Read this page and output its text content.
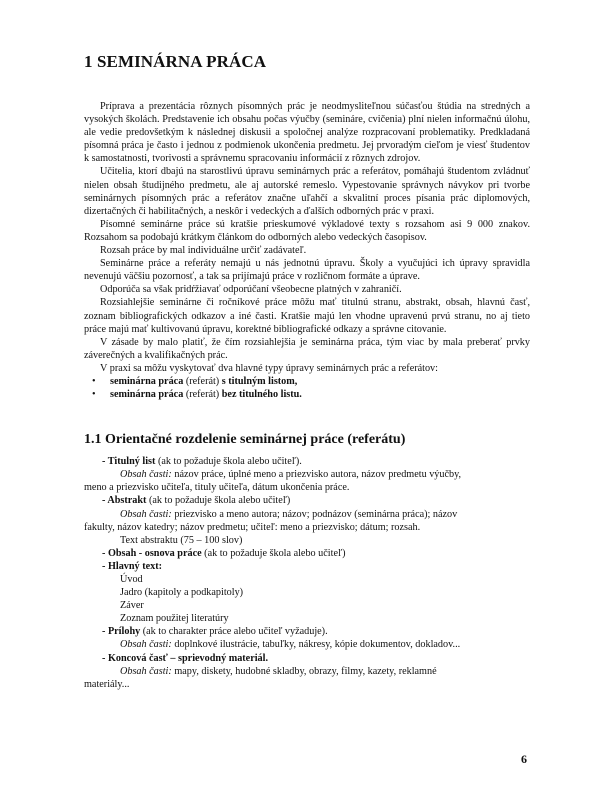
1 SEMINÁRNA PRÁCA

Príprava a prezentácia rôznych písomných prác je neodmysliteľnou súčasťou štúdia na stredných a vysokých školách. Predstavenie ich obsahu počas výučby (semináre, cvičenia) plní nielen informačnú úlohu, ale vedie predovšetkým k následnej diskusii a spoločnej analýze rozpracovaní problematiky. Predkladaná písomná práca je často i jednou z podmienok ukončenia predmetu. Jej prvoradým cieľom je viesť študentov k samostatnosti, tvorivosti a správnemu spracovaniu informácií z rôznych zdrojov.

Učitelia, ktorí dbajú na starostlivú úpravu seminárnych prác a referátov, pomáhajú študentom zvládnuť nielen obsah študijného predmetu, ale aj autorské remeslo. Vypestovanie správnych návykov pri tvorbe seminárnych písomných prác a referátov značne uľahčí a skvalitní proces písania prác diplomových, dizertačných či habilitačných, a neskôr i vedeckých a ďalších odborných prác v praxi.

Písomné seminárne práce sú kratšie prieskumové výkladové texty s rozsahom asi 9 000 znakov. Rozsahom sa podobajú krátkym článkom do odborných alebo vedeckých časopisov.

Rozsah práce by mal individuálne určiť zadávateľ.

Seminárne práce a referáty nemajú u nás jednotnú úpravu. Školy a vyučujúci ich úpravy spravidla nevenujú väčšiu pozornosť, a tak sa prijímajú práce v rozličnom formáte a úprave.

Odporúča sa však pridŕžiavať odporúčaní všeobecne platných v zahraničí.

Rozsiahlejšie seminárne či ročníkové práce môžu mať titulnú stranu, abstrakt, obsah, hlavnú časť, zoznam bibliografických odkazov a iné časti. Kratšie majú len vhodne upravenú prvú stranu, no aj tieto práce majú mať kultivovanú úpravu, korektné bibliografické odkazy a správne citovanie.

V zásade by malo platiť, že čím rozsiahlejšia je seminárna práca, tým viac by mala preberať prvky záverečných a kvalifikačných prác.

V praxi sa môžu vyskytovať dva hlavné typy úpravy seminárnych prác a referátov:

• seminárna práca (referát) s titulným listom,
• seminárna práca (referát) bez titulného listu.
1.1 Orientačné rozdelenie seminárnej práce (referátu)
- Titulný list (ak to požaduje škola alebo učiteľ).
Obsah časti: názov práce, úplné meno a priezvisko autora, názov predmetu výučby,
meno a priezvisko učiteľa, tituly učiteľa, dátum ukončenia práce.
- Abstrakt (ak to požaduje škola alebo učiteľ)
Obsah časti: priezvisko a meno autora; názov; podnázov (seminárna práca); názov
fakulty, názov katedry; názov predmetu; učiteľ: meno a priezvisko; dátum; rozsah.
Text abstraktu (75 – 100 slov)
- Obsah - osnova práce (ak to požaduje škola alebo učiteľ)
- Hlavný text:
Úvod
Jadro (kapitoly a podkapitoly)
Záver
Zoznam použitej literatúry
- Prílohy (ak to charakter práce alebo učiteľ vyžaduje).
Obsah časti: doplnkové ilustrácie, tabuľky, nákresy, kópie dokumentov, dokladov...
- Koncová časť – sprievodný materiál.
Obsah časti: mapy, diskety, hudobné skladby, obrazy, filmy, kazety, reklamné
materiály...
6
